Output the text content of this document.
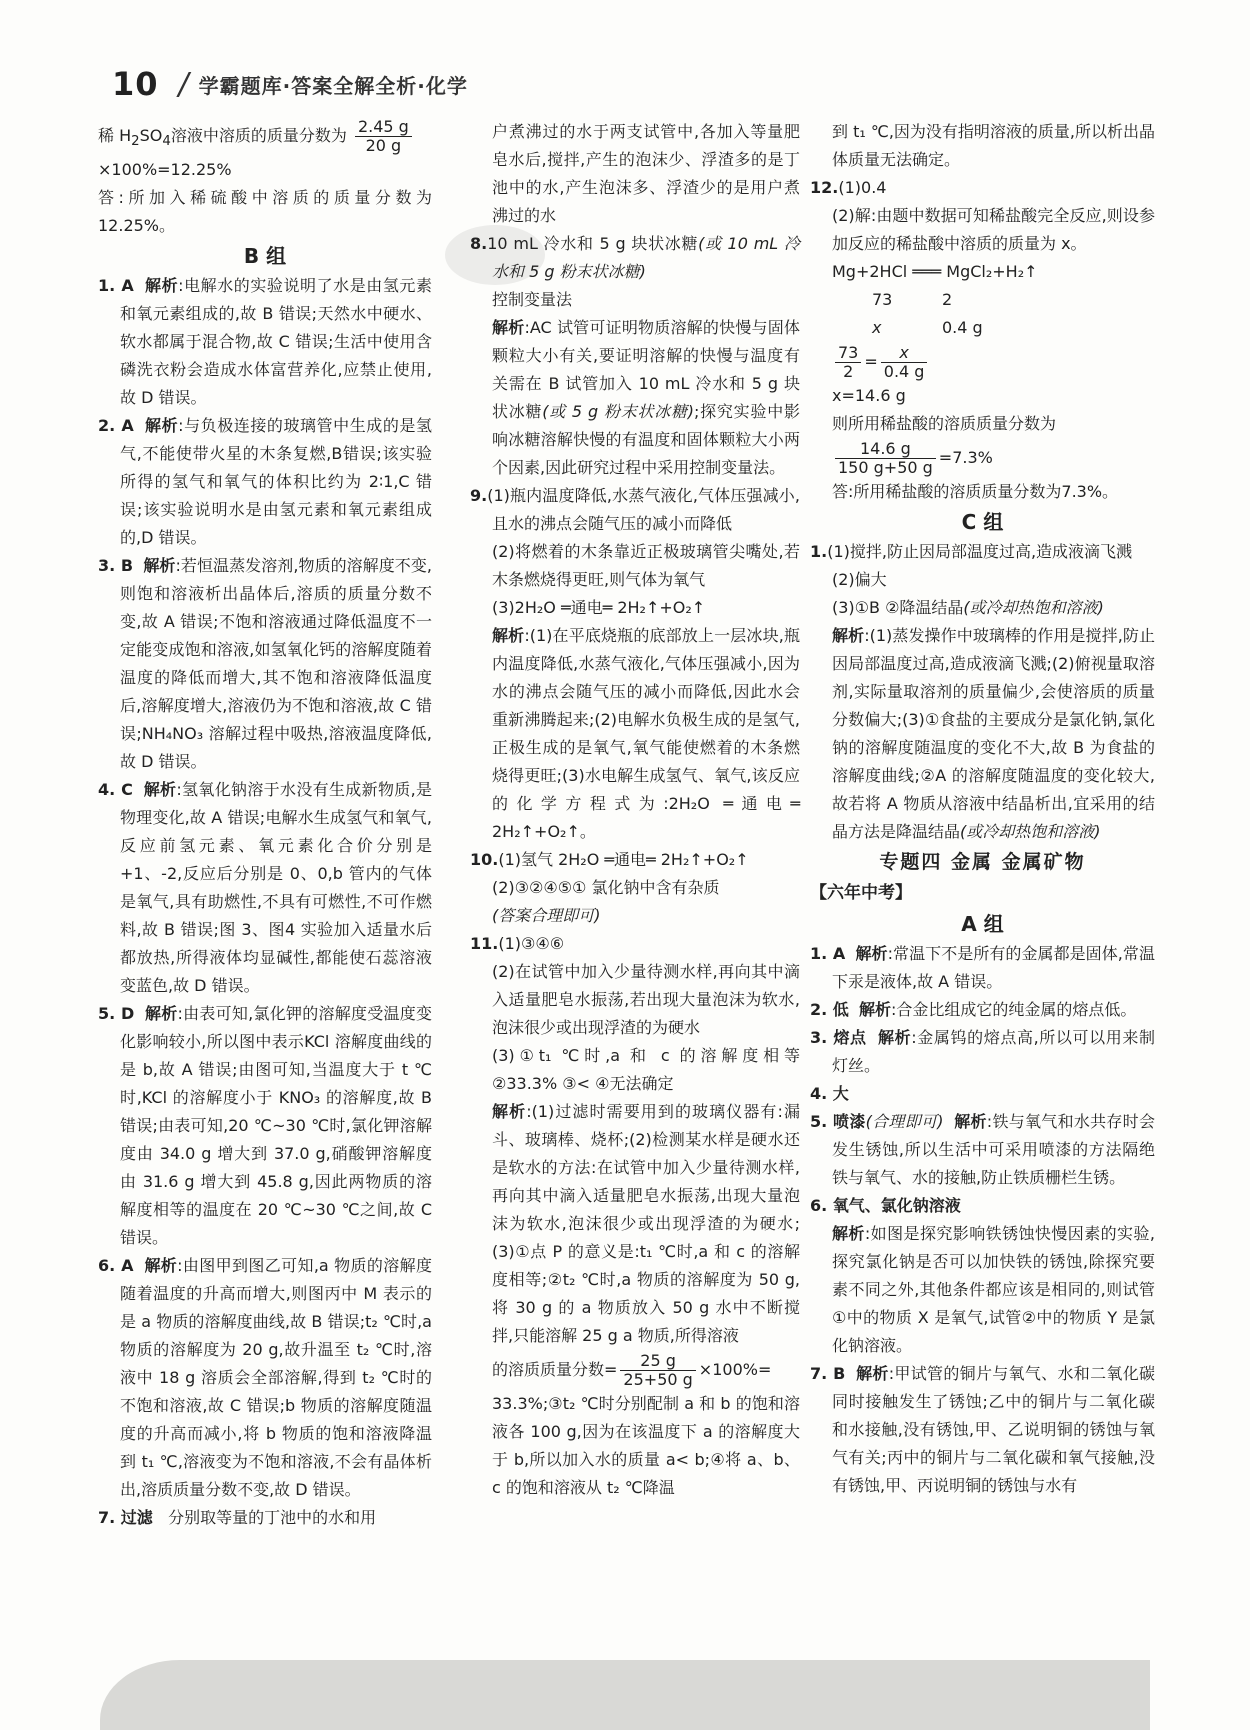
10 / 学霸题库·答案全解全析·化学
稀 $H_2SO_4$溶液中溶质的质量分数为 $\frac{2.45 g}{20 g}$
×100%=12.25%
答:所加入稀硫酸中溶质的质量分数为 12.25%。
B 组
1. A 解析:电解水的实验说明了水是由氢元素和氧元素组成的,故 B 错误;天然水中硬水、软水都属于混合物,故 C 错误;生活中使用含磷洗衣粉会造成水体富营养化,应禁止使用,故 D 错误。
2. A 解析:与负极连接的玻璃管中生成的是氢气,不能使带火星的木条复燃,B错误;该实验所得的氢气和氧气的体积比约为 2∶1,C 错误;该实验说明水是由氢元素和氧元素组成的,D 错误。
3. B 解析:若恒温蒸发溶剂,物质的溶解度不变,则饱和溶液析出晶体后,溶质的质量分数不变,故 A 错误;不饱和溶液通过降低温度不一定能变成饱和溶液,如氢氧化钙的溶解度随着温度的降低而增大,其不饱和溶液降低温度后,溶解度增大,溶液仍为不饱和溶液,故 C 错误;NH₄NO₃ 溶解过程中吸热,溶液温度降低,故 D 错误。
4. C 解析:氢氧化钠溶于水没有生成新物质,是物理变化,故 A 错误;电解水生成氢气和氧气,反应前氢元素、氧元素化合价分别是+1、-2,反应后分别是 0、0,b 管内的气体是氧气,具有助燃性,不具有可燃性,不可作燃料,故 B 错误;图 3、图4 实验加入适量水后都放热,所得液体均显碱性,都能使石蕊溶液变蓝色,故 D 错误。
5. D 解析:由表可知,氯化钾的溶解度受温度变化影响较小,所以图中表示KCl 溶解度曲线的是 b,故 A 错误;由图可知,当温度大于 t ℃时,KCl 的溶解度小于 KNO₃ 的溶解度,故 B 错误;由表可知,20 ℃~30 ℃时,氯化钾溶解度由 34.0 g 增大到 37.0 g,硝酸钾溶解度由 31.6 g 增大到 45.8 g,因此两物质的溶解度相等的温度在 20 ℃~30 ℃之间,故 C 错误。
6. A 解析:由图甲到图乙可知,a 物质的溶解度随着温度的升高而增大,则图丙中 M 表示的是 a 物质的溶解度曲线,故 B 错误;t₂ ℃时,a 物质的溶解度为 20 g,故升温至 t₂ ℃时,溶液中 18 g 溶质会全部溶解,得到 t₂ ℃时的不饱和溶液,故 C 错误;b 物质的溶解度随温度的升高而减小,将 b 物质的饱和溶液降温到 t₁ ℃,溶液变为不饱和溶液,不会有晶体析出,溶质质量分数不变,故 D 错误。
7. 过滤 分别取等量的丁池中的水和用
户煮沸过的水于两支试管中,各加入等量肥皂水后,搅拌,产生的泡沫少、浮渣多的是丁池中的水,产生泡沫多、浮渣少的是用户煮沸过的水
8.10 mL 冷水和 5 g 块状冰糖(或 10 mL 冷水和 5 g 粉末状冰糖)
控制变量法
解析:AC 试管可证明物质溶解的快慢与固体颗粒大小有关,要证明溶解的快慢与温度有关需在 B 试管加入 10 mL 冷水和 5 g 块状冰糖(或 5 g 粉末状冰糖);探究实验中影响冰糖溶解快慢的有温度和固体颗粒大小两个因素,因此研究过程中采用控制变量法。
9.(1)瓶内温度降低,水蒸气液化,气体压强减小,且水的沸点会随气压的减小而降低
(2)将燃着的木条靠近正极玻璃管尖嘴处,若木条燃烧得更旺,则气体为氧气
(3)2H₂O ═通电═ 2H₂↑+O₂↑
解析:(1)在平底烧瓶的底部放上一层冰块,瓶内温度降低,水蒸气液化,气体压强减小,因为水的沸点会随气压的减小而降低,因此水会重新沸腾起来;(2)电解水负极生成的是氢气,正极生成的是氧气,氧气能使燃着的木条燃烧得更旺;(3)水电解生成氢气、氧气,该反应的化学方程式为:2H₂O ═通电═ 2H₂↑+O₂↑。
10.(1)氢气 2H₂O ═通电═ 2H₂↑+O₂↑
(2)③②④⑤① 氯化钠中含有杂质
(答案合理即可)
11.(1)③④⑥
(2)在试管中加入少量待测水样,再向其中滴入适量肥皂水振荡,若出现大量泡沫为软水,泡沫很少或出现浮渣的为硬水
(3)①t₁ ℃时,a 和 c 的溶解度相等 ②33.3% ③< ④无法确定
解析:(1)过滤时需要用到的玻璃仪器有:漏斗、玻璃棒、烧杯;(2)检测某水样是硬水还是软水的方法:在试管中加入少量待测水样,再向其中滴入适量肥皂水振荡,出现大量泡沫为软水,泡沫很少或出现浮渣的为硬水;(3)①点 P 的意义是:t₁ ℃时,a 和 c 的溶解度相等;②t₂ ℃时,a 物质的溶解度为 50 g,将 30 g 的 a 物质放入 50 g 水中不断搅拌,只能溶解 25 g a 物质,所得溶液
的溶质质量分数= $\frac{25 g}{25+50 g} \times 100\%=$
33.3%;③t₂ ℃时分别配制 a 和 b 的饱和溶液各 100 g,因为在该温度下 a 的溶解度大于 b,所以加入水的质量 a< b;④将 a、b、c 的饱和溶液从 t₂ ℃降温
到 t₁ ℃,因为没有指明溶液的质量,所以析出晶体质量无法确定。
12.(1)0.4
(2)解:由题中数据可知稀盐酸完全反应,则设参加反应的稀盐酸中溶质的质量为 x。
Mg+2HCl ═══ MgCl₂+H₂↑
73	2
x	0.4 g
$\frac{73}{2} = \frac{x}{0.4 g}$
x=14.6 g
则所用稀盐酸的溶质质量分数为
$\frac{14.6 g}{150 g+50 g} =7.3\%$
答:所用稀盐酸的溶质质量分数为7.3%。
C 组
1.(1)搅拌,防止因局部温度过高,造成液滴飞溅
(2)偏大
(3)①B ②降温结晶(或冷却热饱和溶液)
解析:(1)蒸发操作中玻璃棒的作用是搅拌,防止因局部温度过高,造成液滴飞溅;(2)俯视量取溶剂,实际量取溶剂的质量偏少,会使溶质的质量分数偏大;(3)①食盐的主要成分是氯化钠,氯化钠的溶解度随温度的变化不大,故 B 为食盐的溶解度曲线;②A 的溶解度随温度的变化较大,故若将 A 物质从溶液中结晶析出,宜采用的结晶方法是降温结晶(或冷却热饱和溶液)
专题四 金属 金属矿物
【六年中考】
A 组
1. A 解析:常温下不是所有的金属都是固体,常温下汞是液体,故 A 错误。
2. 低 解析:合金比组成它的纯金属的熔点低。
3. 熔点 解析:金属钨的熔点高,所以可以用来制灯丝。
4. 大
5. 喷漆(合理即可) 解析:铁与氧气和水共存时会发生锈蚀,所以生活中可采用喷漆的方法隔绝铁与氧气、水的接触,防止铁质栅栏生锈。
6. 氧气、氯化钠溶液
解析:如图是探究影响铁锈蚀快慢因素的实验,探究氯化钠是否可以加快铁的锈蚀,除探究要素不同之外,其他条件都应该是相同的,则试管①中的物质 X 是氧气,试管②中的物质 Y 是氯化钠溶液。
7. B 解析:甲试管的铜片与氧气、水和二氧化碳同时接触发生了锈蚀;乙中的铜片与二氧化碳和水接触,没有锈蚀,甲、乙说明铜的锈蚀与氧气有关;丙中的铜片与二氧化碳和氧气接触,没有锈蚀,甲、丙说明铜的锈蚀与水有
